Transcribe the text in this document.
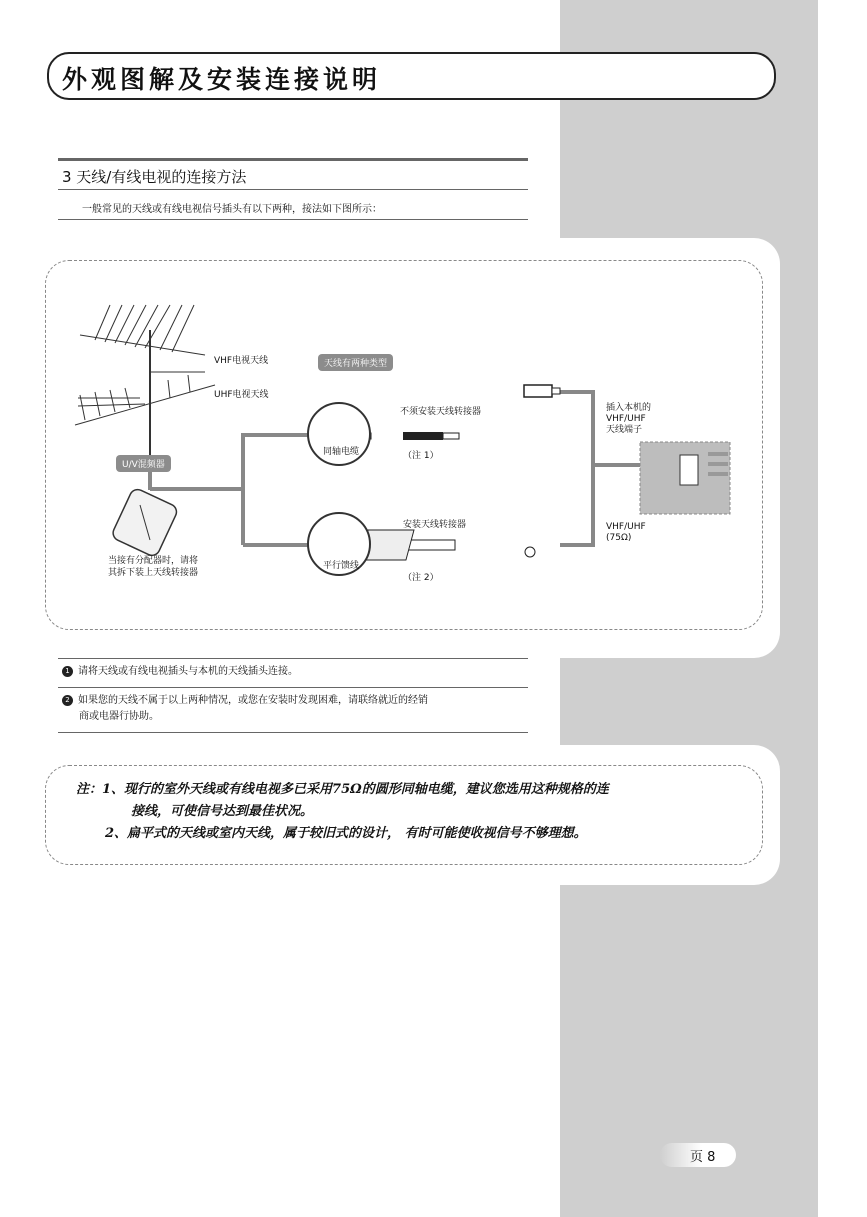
外观图解及安装连接说明
3 天线/有线电视的连接方法
一般常见的天线或有线电视信号插头有以下两种，接法如下图所示：
VHF电视天线
UHF电视天线
U/V混频器
当接有分配器时，请将
其拆下装上天线转接器
天线有两种类型
同轴电缆
不须安装天线转接器
（注 1）
平行馈线
安装天线转接器
（注 2）
插入本机的
VHF/UHF
天线端子
VHF/UHF
(75Ω)
1 请将天线或有线电视插头与本机的天线插头连接。
2 如果您的天线不属于以上两种情况，或您在安装时发现困难，请联络就近的经销
商或电器行协助。
注：1、现行的室外天线或有线电视多已采用75Ω的圆形同轴电缆，建议您选用这种规格的连
接线，可使信号达到最佳状况。
2、扁平式的天线或室内天线，属于较旧式的设计， 有时可能使收视信号不够理想。
页 8
